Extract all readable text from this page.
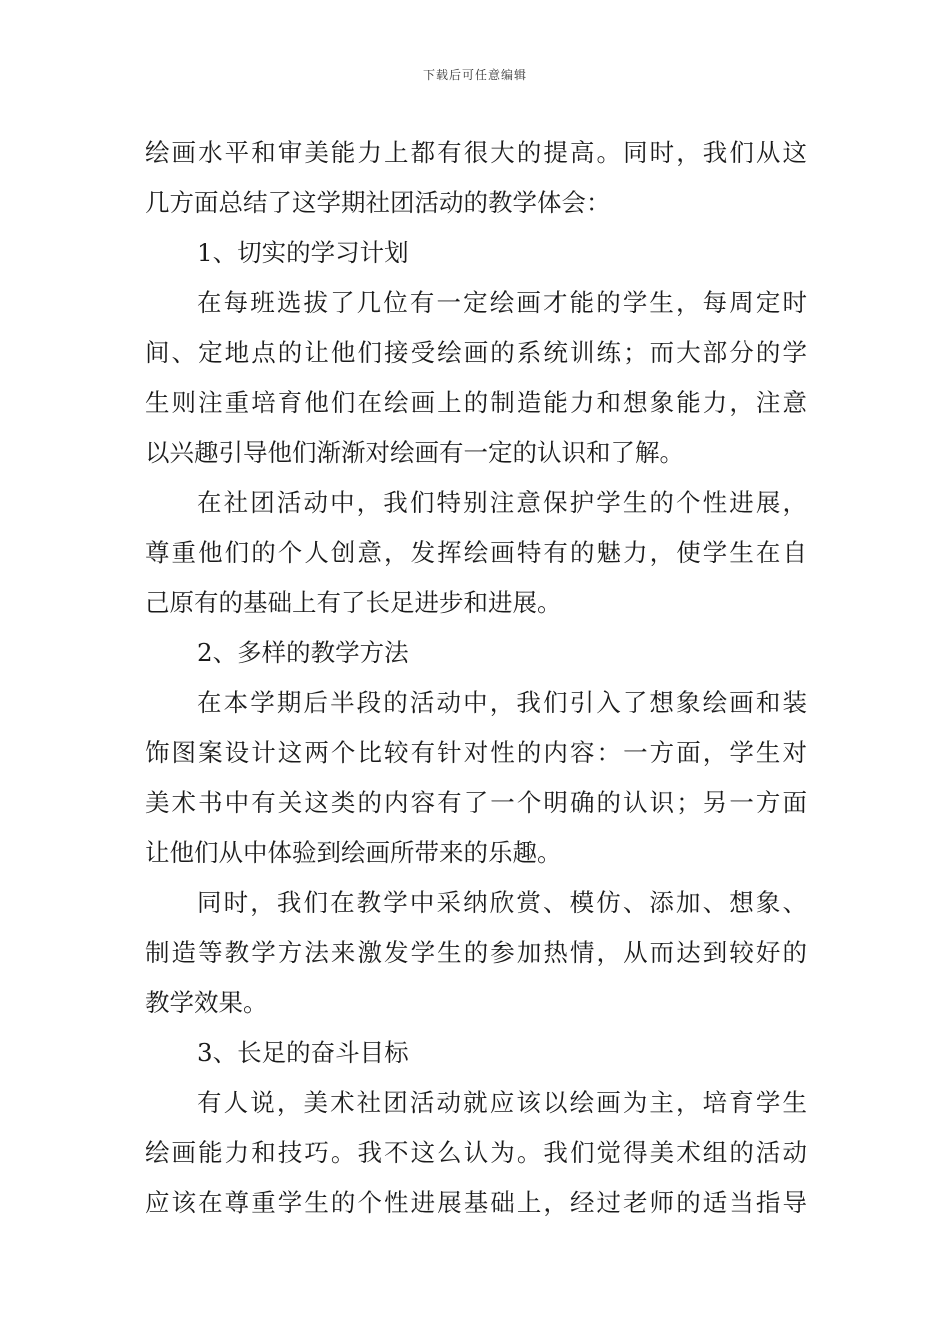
下载后可任意编辑
绘画水平和审美能力上都有很大的提高。同时，我们从这
几方面总结了这学期社团活动的教学体会：
1、切实的学习计划
在每班选拔了几位有一定绘画才能的学生，每周定时
间、定地点的让他们接受绘画的系统训练；而大部分的学
生则注重培育他们在绘画上的制造能力和想象能力，注意
以兴趣引导他们渐渐对绘画有一定的认识和了解。
在社团活动中，我们特别注意保护学生的个性进展，
尊重他们的个人创意，发挥绘画特有的魅力，使学生在自
己原有的基础上有了长足进步和进展。
2、多样的教学方法
在本学期后半段的活动中，我们引入了想象绘画和装
饰图案设计这两个比较有针对性的内容：一方面，学生对
美术书中有关这类的内容有了一个明确的认识；另一方面
让他们从中体验到绘画所带来的乐趣。
同时，我们在教学中采纳欣赏、模仿、添加、想象、
制造等教学方法来激发学生的参加热情，从而达到较好的
教学效果。
3、长足的奋斗目标
有人说，美术社团活动就应该以绘画为主，培育学生
绘画能力和技巧。我不这么认为。我们觉得美术组的活动
应该在尊重学生的个性进展基础上，经过老师的适当指导
